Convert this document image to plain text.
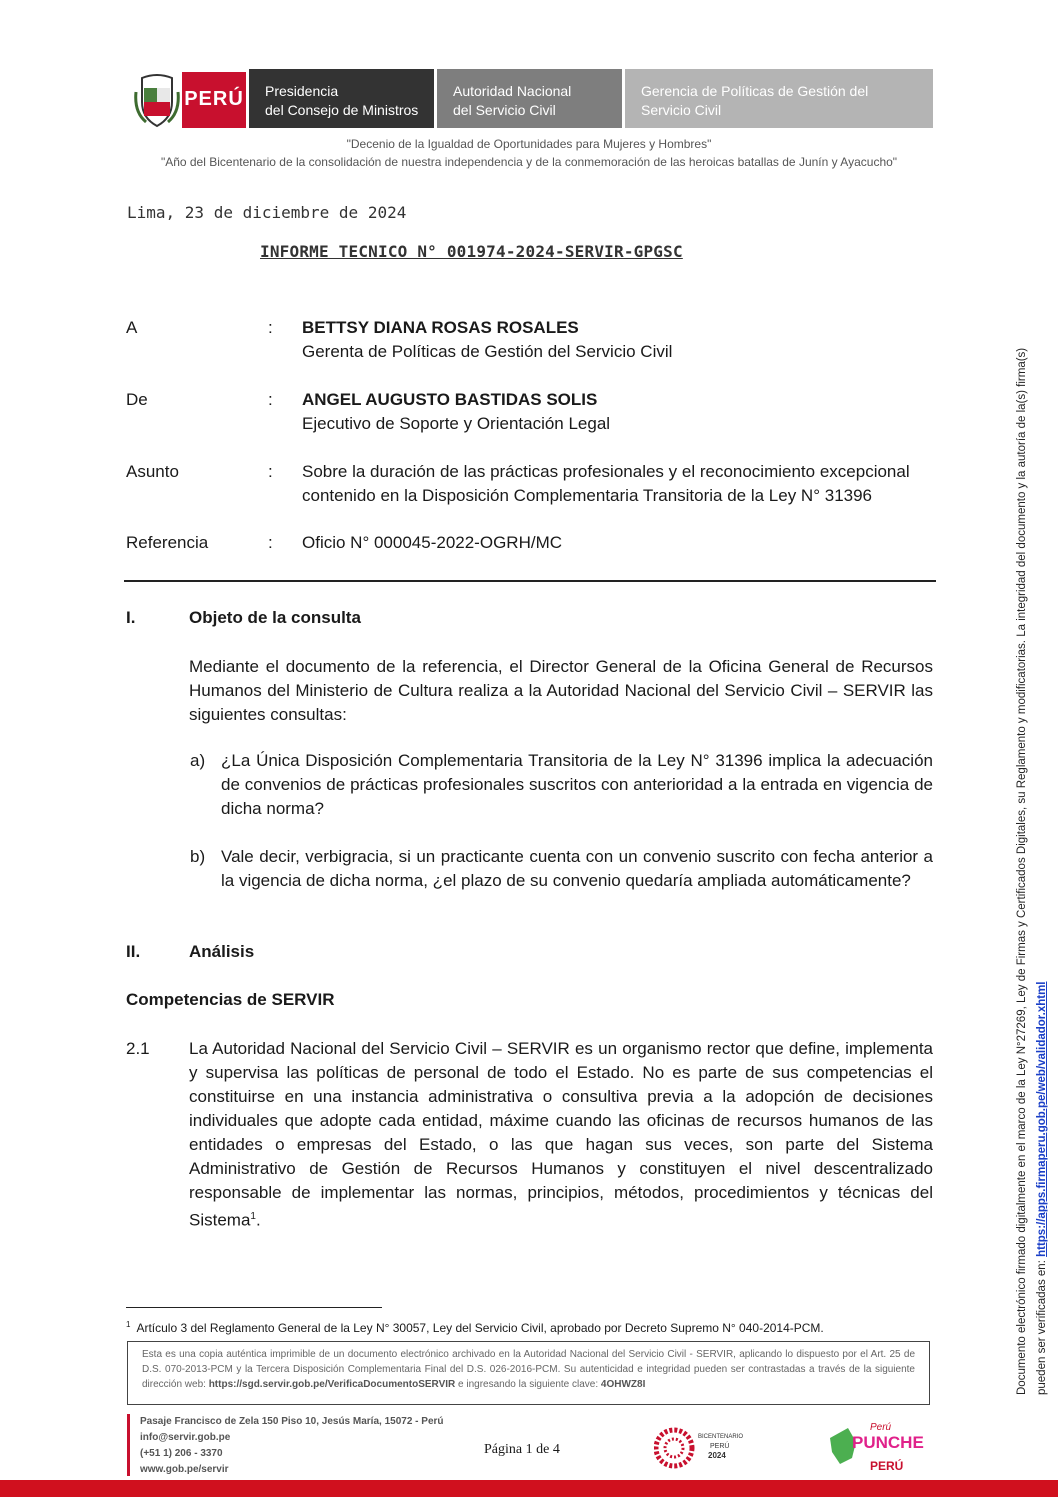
PERÚ Presidencia
del Consejo de Ministros
Autoridad Nacional
del Servicio Civil
Gerencia de Políticas de Gestión del
Servicio Civil
"Decenio de la Igualdad de Oportunidades para Mujeres y Hombres"
"Año del Bicentenario de la consolidación de nuestra independencia y de la conmemoración de las heroicas batallas de Junín y Ayacucho"
Lima, 23 de diciembre de 2024
INFORME TECNICO N° 001974-2024-SERVIR-GPGSC
A	: BETTSY DIANA ROSAS ROSALES
Gerenta de Políticas de Gestión del Servicio Civil
De	: ANGEL AUGUSTO BASTIDAS SOLIS
Ejecutivo de Soporte y Orientación Legal
Asunto	: Sobre la duración de las prácticas profesionales y el reconocimiento excepcional
contenido en la Disposición Complementaria Transitoria de la Ley N° 31396
Referencia	: Oficio N° 000045-2022-OGRH/MC
I.	Objeto de la consulta
Mediante el documento de la referencia, el Director General de la Oficina General de Recursos Humanos del Ministerio de Cultura realiza a la Autoridad Nacional del Servicio Civil – SERVIR las siguientes consultas:
a) ¿La Única Disposición Complementaria Transitoria de la Ley N° 31396 implica la adecuación de convenios de prácticas profesionales suscritos con anterioridad a la entrada en vigencia de dicha norma?
b) Vale decir, verbigracia, si un practicante cuenta con un convenio suscrito con fecha anterior a la vigencia de dicha norma, ¿el plazo de su convenio quedaría ampliada automáticamente?
II.	Análisis
Competencias de SERVIR
2.1 La Autoridad Nacional del Servicio Civil – SERVIR es un organismo rector que define, implementa y supervisa las políticas de personal de todo el Estado. No es parte de sus competencias el constituirse en una instancia administrativa o consultiva previa a la adopción de decisiones individuales que adopte cada entidad, máxime cuando las oficinas de recursos humanos de las entidades o empresas del Estado, o las que hagan sus veces, son parte del Sistema Administrativo de Gestión de Recursos Humanos y constituyen el nivel descentralizado responsable de implementar las normas, principios, métodos, procedimientos y técnicas del Sistema$^1$.
$^1$ Artículo 3 del Reglamento General de la Ley N° 30057, Ley del Servicio Civil, aprobado por Decreto Supremo N° 040-2014-PCM.
Esta es una copia auténtica imprimible de un documento electrónico archivado en la Autoridad Nacional del Servicio Civil - SERVIR, aplicando lo dispuesto por el Art. 25 de D.S. 070-2013-PCM y la Tercera Disposición Complementaria Final del D.S. 026-2016-PCM. Su autenticidad e integridad pueden ser contrastadas a través de la siguiente dirección web: https://sgd.servir.gob.pe/VerificaDocumentoSERVIR e ingresando la siguiente clave: 4OHWZ8I
Pasaje Francisco de Zela 150 Piso 10, Jesús María, 15072 - Perú
info@servir.gob.pe
(+51 1) 206 - 3370
www.gob.pe/servir
Página 1 de 4
BICENTENARIO
PERÚ
2024
Perú
PUNCHE
PERÚ
Documento electrónico firmado digitalmente en el marco de la Ley N°27269, Ley de Firmas y Certificados Digitales, su Reglamento y modificatorias. La integridad del documento y la autoría de la(s) firma(s) pueden ser verificadas en: https://apps.firmaperu.gob.pe/web/validador.xhtml
